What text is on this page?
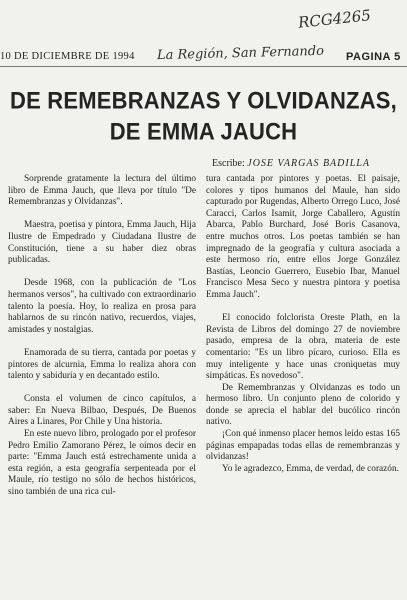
RCG4265
10 DE DICIEMBRE DE 1994 La Región, San Fernando PAGINA 5
DE REMEBRANZAS Y OLVIDANZAS,
DE EMMA JAUCH
Escribe: JOSE VARGAS BADILLA

Sorprende gratamente la lectura del último libro de Emma Jauch, que lleva por título "De Remembranzas y Olvidanzas".

Maestra, poetisa y pintora, Emma Jauch, Hija Ilustre de Empedrado y Ciudadana Ilustre de Constitución, tiene a su haber diez obras publicadas.

Desde 1968, con la publicación de "Los hermanos versos", ha cultivado con extraordinario talento la poesía. Hoy, lo realiza en prosa para hablarnos de su rincón nativo, recuerdos, viajes, amistades y nostalgias.

Enamorada de su tierra, cantada por poetas y pintores de alcurnia, Emma lo realiza ahora con talento y sabiduría y en decantado estilo.

Consta el volumen de cinco capítulos, a saber: En Nueva Bilbao, Después, De Buenos Aires a Linares, Por Chile y Una historia.

En este nuevo libro, prologado por el profesor Pedro Emilio Zamorano Pérez, le oímos decir en parte: "Emma Jauch está estrechamente unida a esta región, a esta geografía serpenteada por el Maule, río testigo no sólo de hechos históricos, sino también de una rica cul-

tura cantada por pintores y poetas. El paisaje, colores y tipos humanos del Maule, han sido capturado por Rugendas, Alberto Orrego Luco, José Caracci, Carlos Isamit, Jorge Caballero, Agustín Abarca, Pablo Burchard, José Boris Casanova, entre muchos otros. Los poetas también se han impregnado de la geografía y cultura asociada a este hermoso río, entre ellos Jorge González Bastías, Leoncio Guerrero, Eusebio Ibar, Manuel Francisco Mesa Seco y nuestra pintora y poetisa Emma Jauch".

El conocido folclorista Oreste Plath, en la Revista de Libros del domingo 27 de noviembre pasado, empresa de la obra, materia de este comentario: "Es un libro pícaro, curioso. Ella es muy inteligente y hace unas croniquetas muy simpáticas. Es novedoso".

De Remembranzas y Olvidanzas es todo un hermoso libro. Un conjunto pleno de colorido y donde se aprecia el hablar del bucólico rincón nativo.

¡Con qué inmenso placer hemos leído estas 165 páginas empapadas todas ellas de remembranzas y olvidanzas!

Yo le agradezco, Emma, de verdad, de corazón.
